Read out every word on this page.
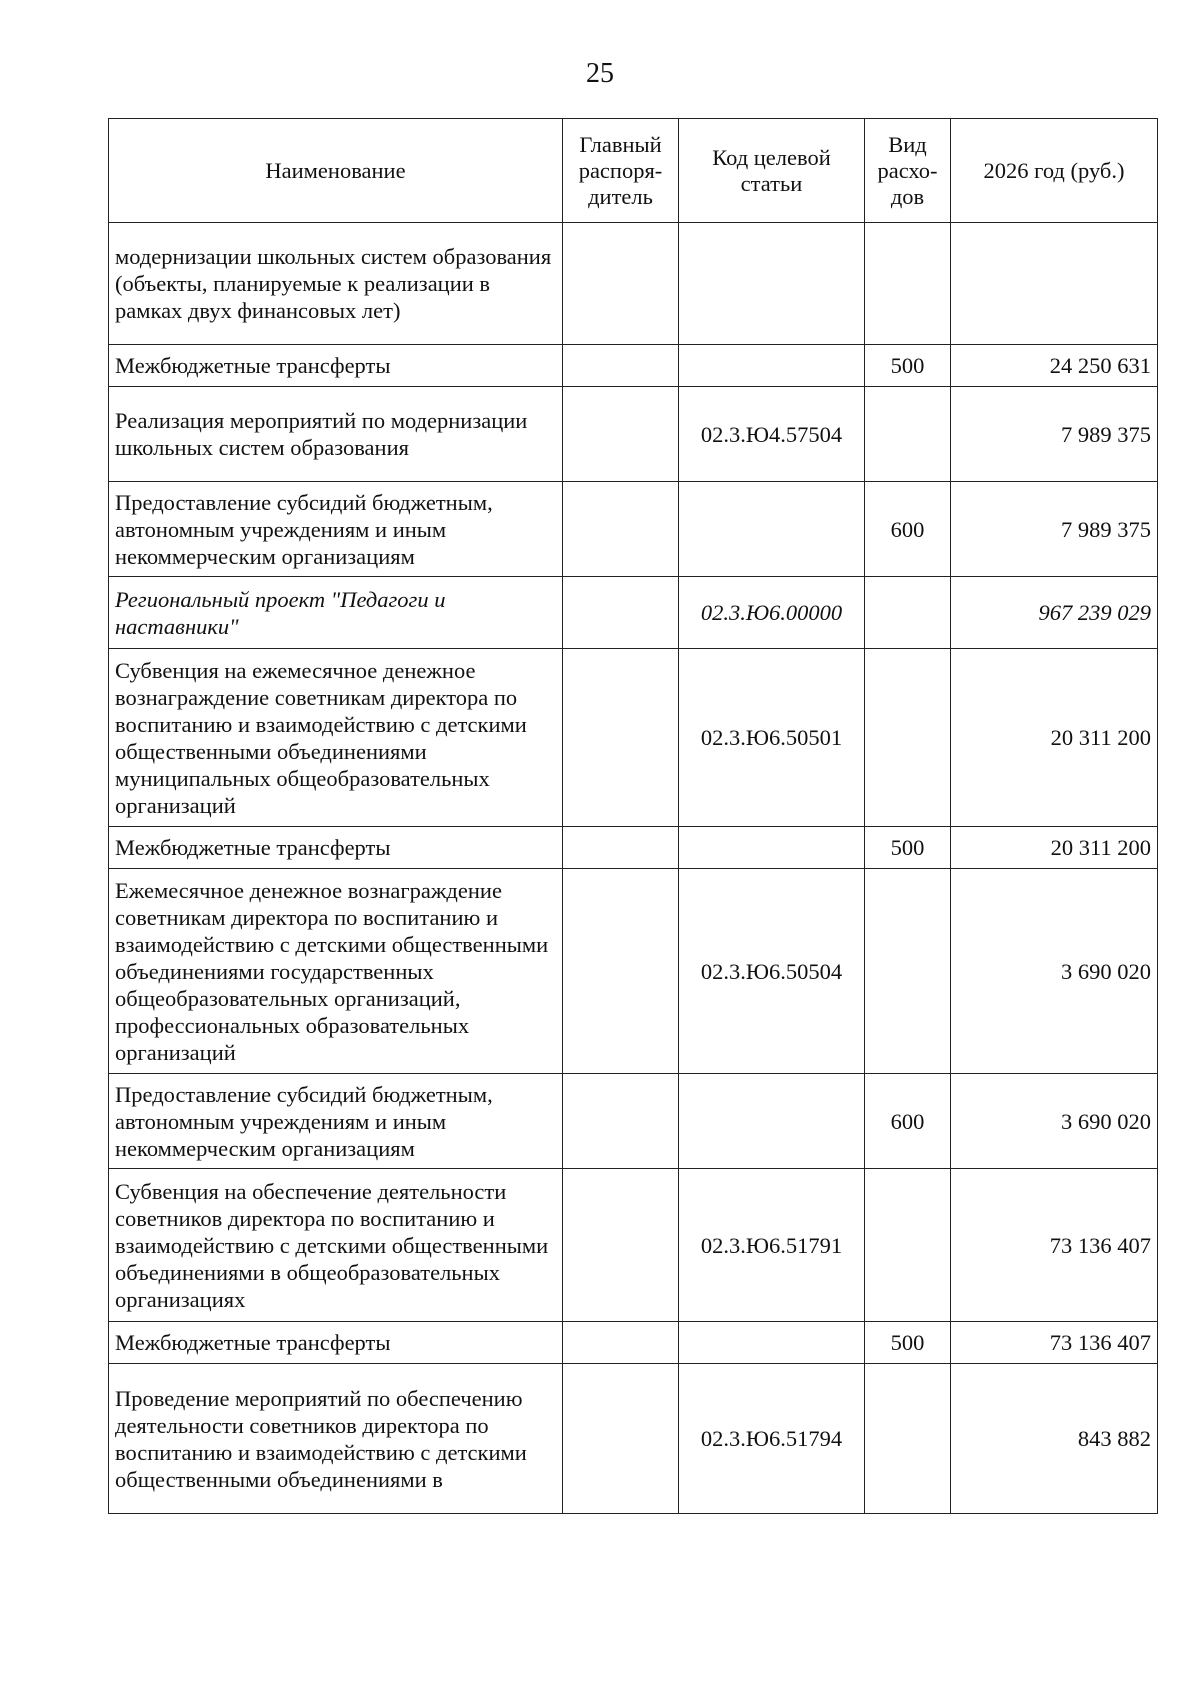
25
Наименование	Главный распоря-дитель	Код целевой статьи	Вид расхо-дов	2026 год (руб.)
модернизации школьных систем образования (объекты, планируемые к реализации в рамках двух финансовых лет)				
Межбюджетные трансферты			500	24 250 631
Реализация мероприятий по модернизации школьных систем образования		02.3.Ю4.57504		7 989 375
Предоставление субсидий бюджетным, автономным учреждениям и иным некоммерческим организациям			600	7 989 375
Региональный проект "Педагоги и наставники"		02.3.Ю6.00000		967 239 029
Субвенция на ежемесячное денежное вознаграждение советникам директора по воспитанию и взаимодействию с детскими общественными объединениями муниципальных общеобразовательных организаций		02.3.Ю6.50501		20 311 200
Межбюджетные трансферты			500	20 311 200
Ежемесячное денежное вознаграждение советникам директора по воспитанию и взаимодействию с детскими общественными объединениями государственных общеобразовательных организаций, профессиональных образовательных организаций		02.3.Ю6.50504		3 690 020
Предоставление субсидий бюджетным, автономным учреждениям и иным некоммерческим организациям			600	3 690 020
Субвенция на обеспечение деятельности советников директора по воспитанию и взаимодействию с детскими общественными объединениями в общеобразовательных организациях		02.3.Ю6.51791		73 136 407
Межбюджетные трансферты			500	73 136 407
Проведение мероприятий по обеспечению деятельности советников директора по воспитанию и взаимодействию с детскими общественными объединениями в		02.3.Ю6.51794		843 882
